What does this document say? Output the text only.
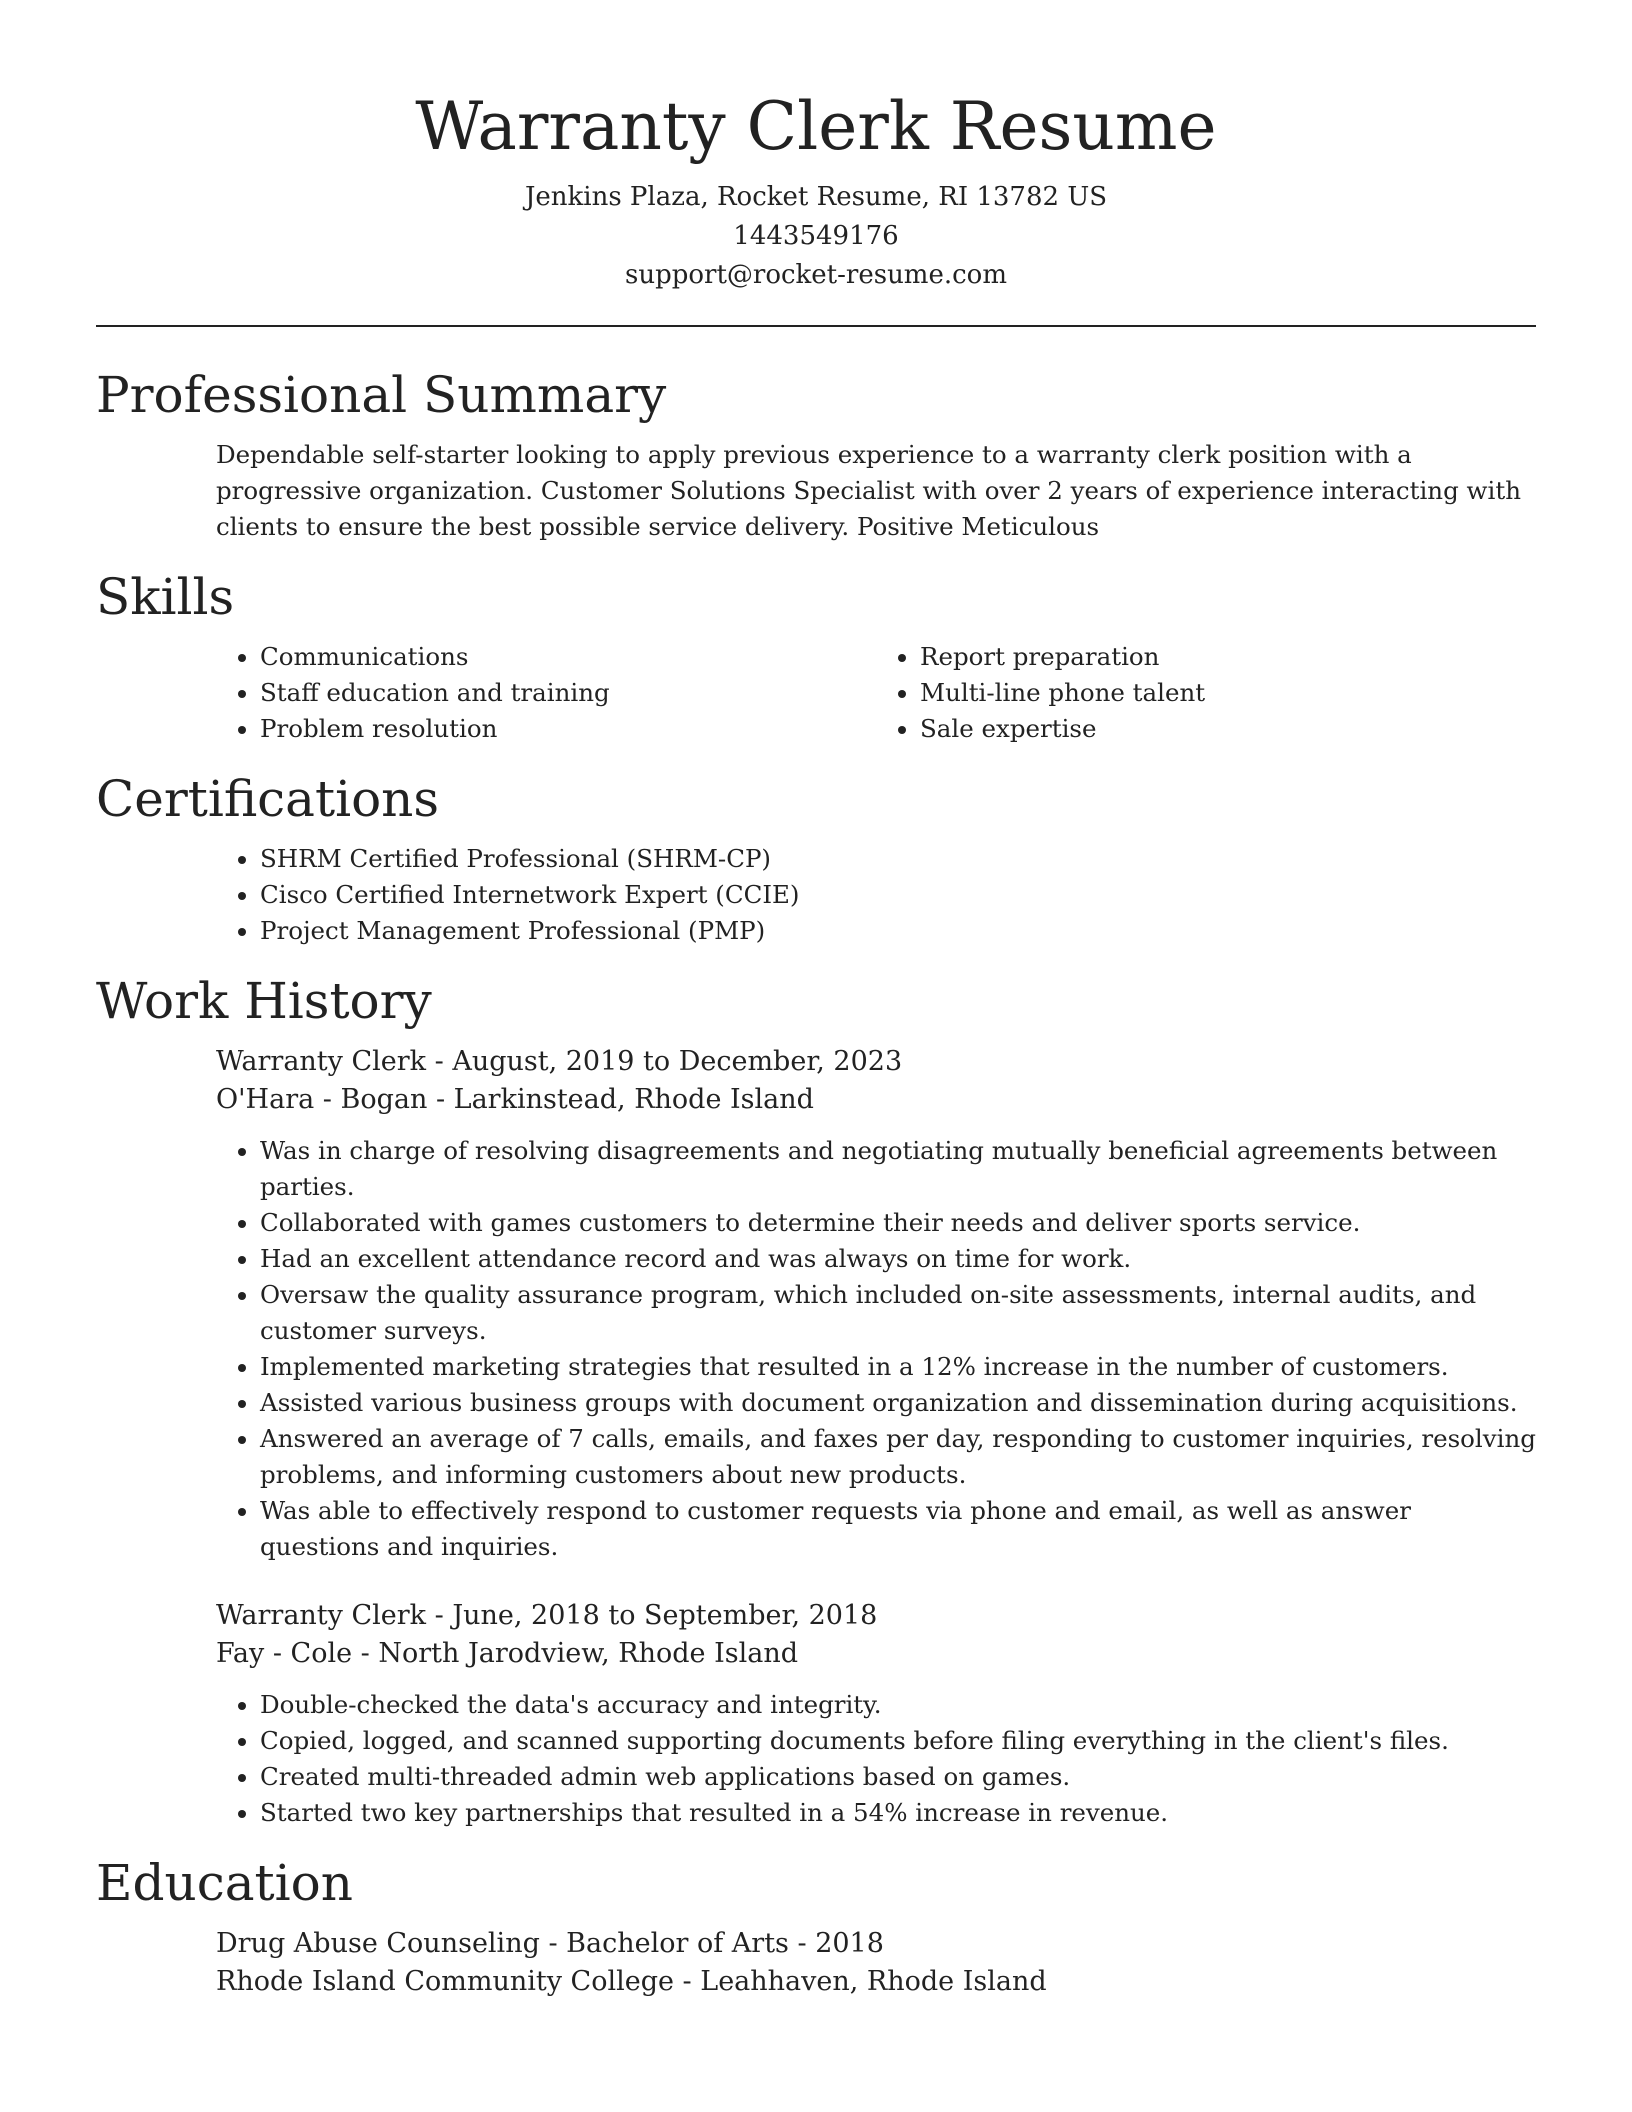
Warranty Clerk Resume
Jenkins Plaza, Rocket Resume, RI 13782 US
1443549176
support@rocket-resume.com
Professional Summary
Dependable self-starter looking to apply previous experience to a warranty clerk position with a progressive organization. Customer Solutions Specialist with over 2 years of experience interacting with clients to ensure the best possible service delivery. Positive Meticulous
Skills
• Communications
• Staff education and training
• Problem resolution
• Report preparation
• Multi-line phone talent
• Sale expertise
Certifications
• SHRM Certified Professional (SHRM-CP)
• Cisco Certified Internetwork Expert (CCIE)
• Project Management Professional (PMP)
Work History
Warranty Clerk - August, 2019 to December, 2023
O'Hara - Bogan - Larkinstead, Rhode Island
• Was in charge of resolving disagreements and negotiating mutually beneficial agreements between parties.
• Collaborated with games customers to determine their needs and deliver sports service.
• Had an excellent attendance record and was always on time for work.
• Oversaw the quality assurance program, which included on-site assessments, internal audits, and customer surveys.
• Implemented marketing strategies that resulted in a 12% increase in the number of customers.
• Assisted various business groups with document organization and dissemination during acquisitions.
• Answered an average of 7 calls, emails, and faxes per day, responding to customer inquiries, resolving problems, and informing customers about new products.
• Was able to effectively respond to customer requests via phone and email, as well as answer questions and inquiries.
Warranty Clerk - June, 2018 to September, 2018
Fay - Cole - North Jarodview, Rhode Island
• Double-checked the data's accuracy and integrity.
• Copied, logged, and scanned supporting documents before filing everything in the client's files.
• Created multi-threaded admin web applications based on games.
• Started two key partnerships that resulted in a 54% increase in revenue.
Education
Drug Abuse Counseling - Bachelor of Arts - 2018
Rhode Island Community College - Leahhaven, Rhode Island
